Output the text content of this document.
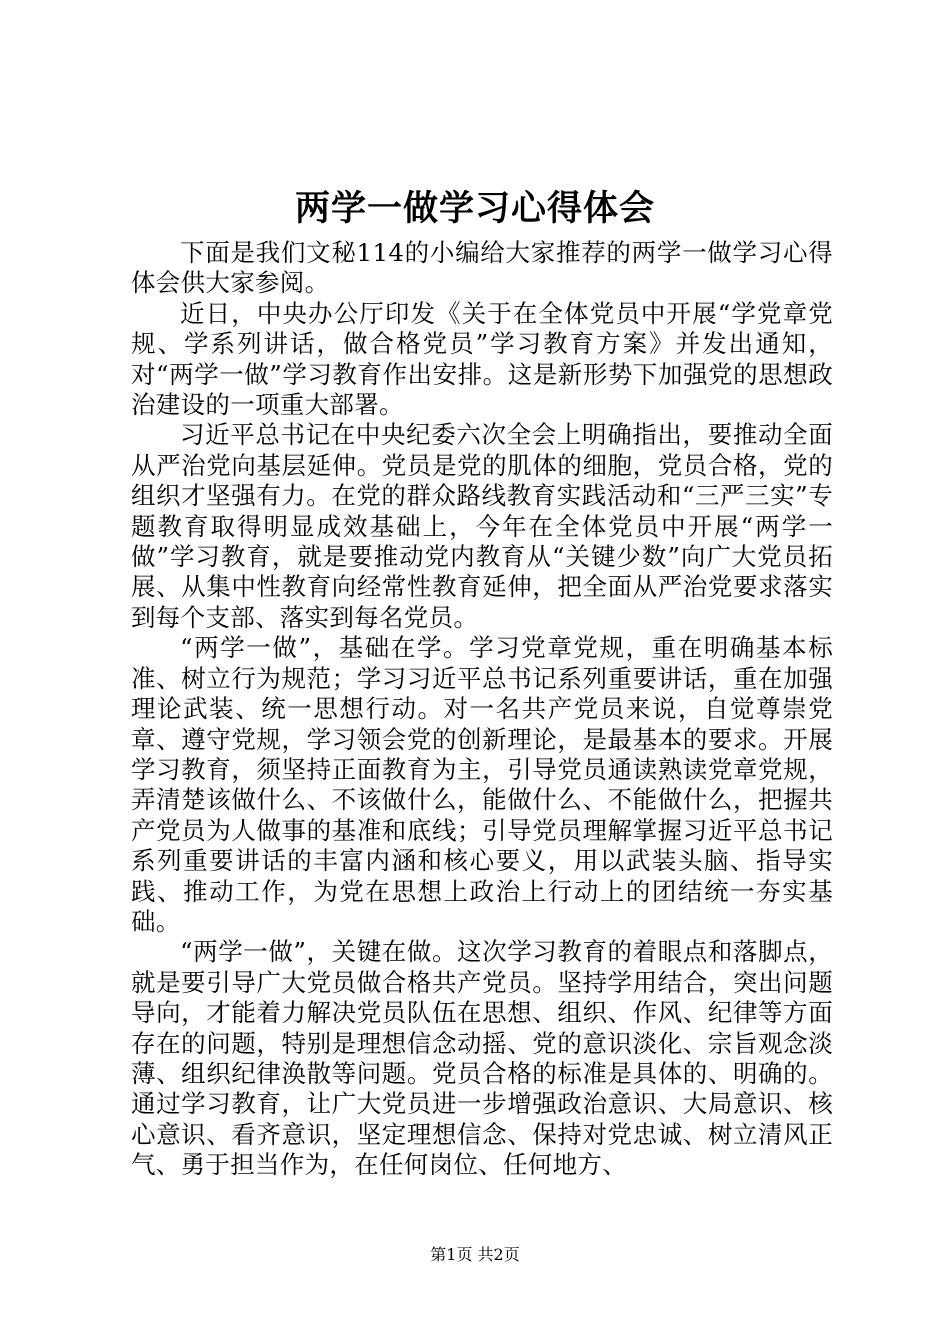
两学一做学习心得体会

下面是我们文秘114的小编给大家推荐的两学一做学习心得体会供大家参阅。

近日，中央办公厅印发《关于在全体党员中开展“学党章党规、学系列讲话，做合格党员”学习教育方案》并发出通知，对“两学一做”学习教育作出安排。这是新形势下加强党的思想政治建设的一项重大部署。

习近平总书记在中央纪委六次全会上明确指出，要推动全面从严治党向基层延伸。党员是党的肌体的细胞，党员合格，党的组织才坚强有力。在党的群众路线教育实践活动和“三严三实”专题教育取得明显成效基础上，今年在全体党员中开展“两学一做”学习教育，就是要推动党内教育从“关键少数”向广大党员拓展、从集中性教育向经常性教育延伸，把全面从严治党要求落实到每个支部、落实到每名党员。

“两学一做”，基础在学。学习党章党规，重在明确基本标准、树立行为规范；学习习近平总书记系列重要讲话，重在加强理论武装、统一思想行动。对一名共产党员来说，自觉尊崇党章、遵守党规，学习领会党的创新理论，是最基本的要求。开展学习教育，须坚持正面教育为主，引导党员通读熟读党章党规，弄清楚该做什么、不该做什么，能做什么、不能做什么，把握共产党员为人做事的基准和底线；引导党员理解掌握习近平总书记系列重要讲话的丰富内涵和核心要义，用以武装头脑、指导实践、推动工作，为党在思想上政治上行动上的团结统一夯实基础。

“两学一做”，关键在做。这次学习教育的着眼点和落脚点，就是要引导广大党员做合格共产党员。坚持学用结合，突出问题导向，才能着力解决党员队伍在思想、组织、作风、纪律等方面存在的问题，特别是理想信念动摇、党的意识淡化、宗旨观念淡薄、组织纪律涣散等问题。党员合格的标准是具体的、明确的。通过学习教育，让广大党员进一步增强政治意识、大局意识、核心意识、看齐意识，坚定理想信念、保持对党忠诚、树立清风正气、勇于担当作为，在任何岗位、任何地方、

第1页 共2页
